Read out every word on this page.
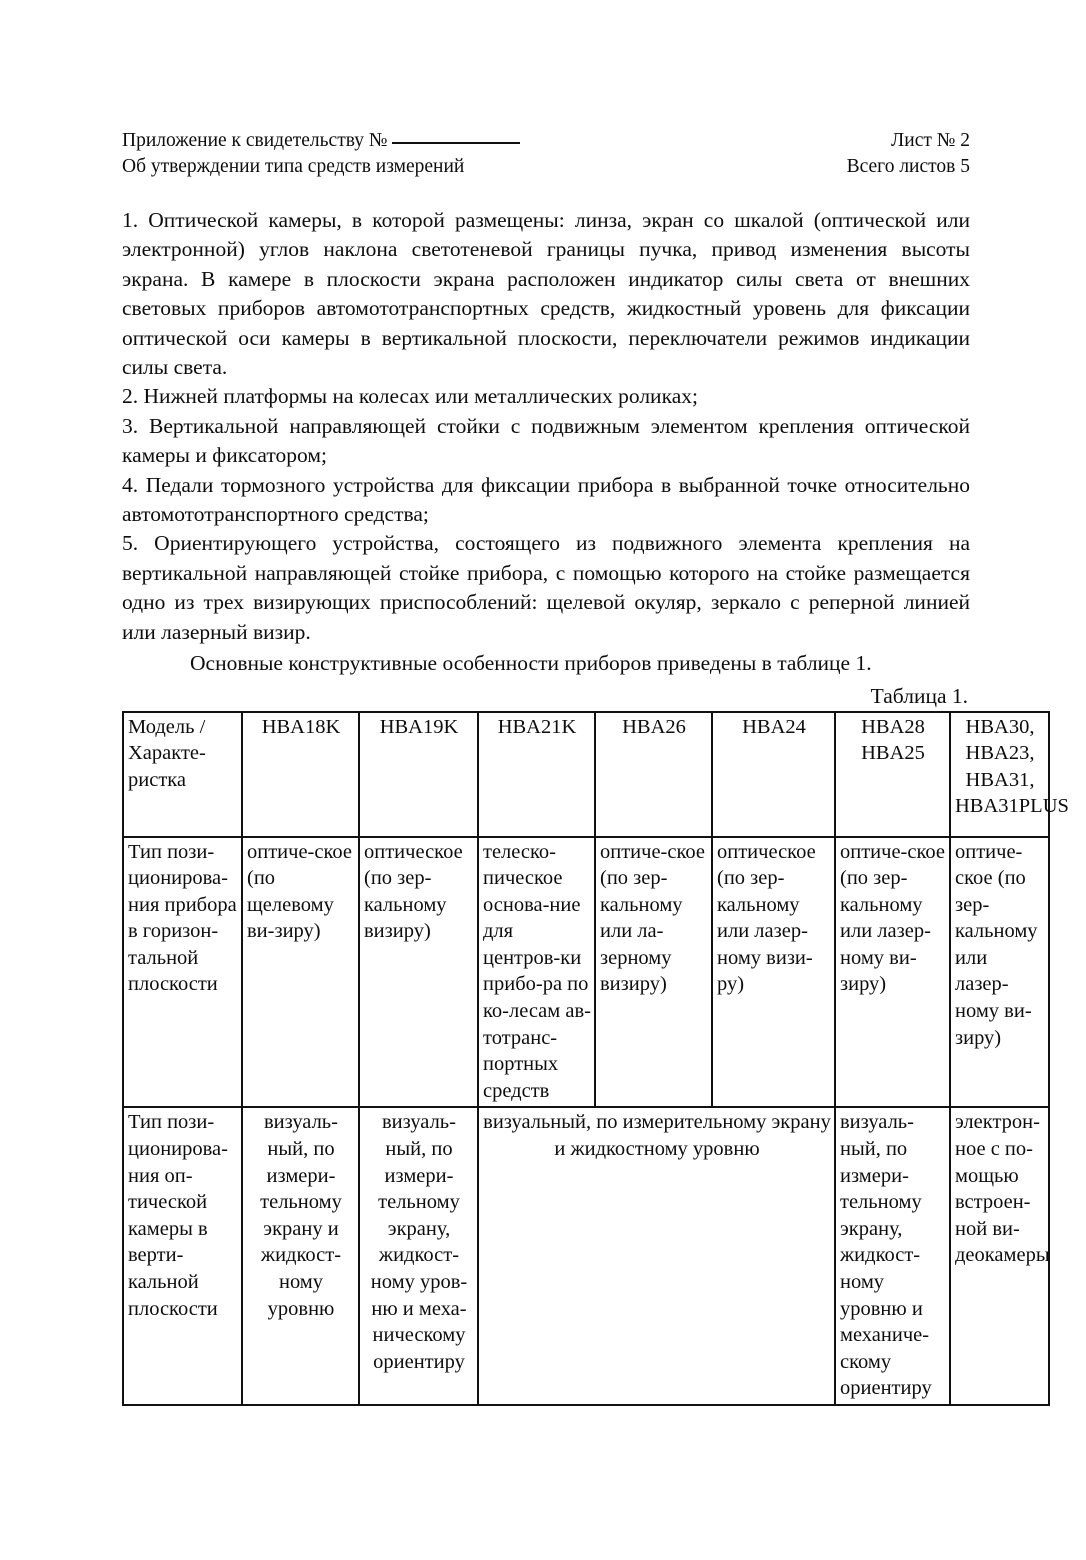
Приложение к свидетельству №
Об утверждении типа средств измерений
Лист № 2
Всего листов 5

1. Оптической камеры, в которой размещены: линза, экран со шкалой (оптической или электронной) углов наклона светотеневой границы пучка, привод изменения высоты экрана. В камере в плоскости экрана расположен индикатор силы света от внешних световых приборов автомототранспортных средств, жидкостный уровень для фиксации оптической оси камеры в вертикальной плоскости, переключатели режимов индикации силы света.

2. Нижней платформы на колесах или металлических роликах;

3. Вертикальной направляющей стойки с подвижным элементом крепления оптической камеры и фиксатором;

4. Педали тормозного устройства для фиксации прибора в выбранной точке относительно автомототранспортного средства;

5. Ориентирующего устройства, состоящего из подвижного элемента крепления на вертикальной направляющей стойке прибора, с помощью которого на стойке размещается одно из трех визирующих приспособлений: щелевой окуляр, зеркало с реперной линией или лазерный визир.

Основные конструктивные особенности приборов приведены в таблице 1.

Таблица 1.
Модель / Характе-ристка	HBA18K	HBA19K	HBA21K	HBA26	HBA24	HBA28 HBA25	HBA30, HBA23, HBA31, HBA31PLUS
Тип пози-ционирова-ния прибора в горизон-тальной плоскости	оптиче-ское (по щелевому ви-зиру)	оптическое (по зер-кальному визиру)	телеско-пическое основа-ние для центров-ки прибо-ра по ко-лесам ав-тотранс-портных средств	оптиче-ское (по зер-кальному или ла-зерному визиру)	оптическое (по зер-кальному или лазер-ному визи-ру)	оптиче-ское (по зер-кальному или лазер-ному ви-зиру)	оптиче-ское (по зер-кальному или лазер-ному ви-зиру)
Тип пози-ционирова-ния оп-тической камеры в верти-кальной плоскости	визуаль-ный, по измери-тельному экрану и жидкост-ному уровню	визуаль-ный, по измери-тельному экрану, жидкост-ному уров-ню и меха-ническому ориентиру	визуальный, по измерительному экрану и жидкостному уровню			визуаль-ный, по измери-тельному экрану, жидкост-ному уровню и механиче-скому ориентиру	электрон-ное с по-мощью встроен-ной ви-деокамеры
